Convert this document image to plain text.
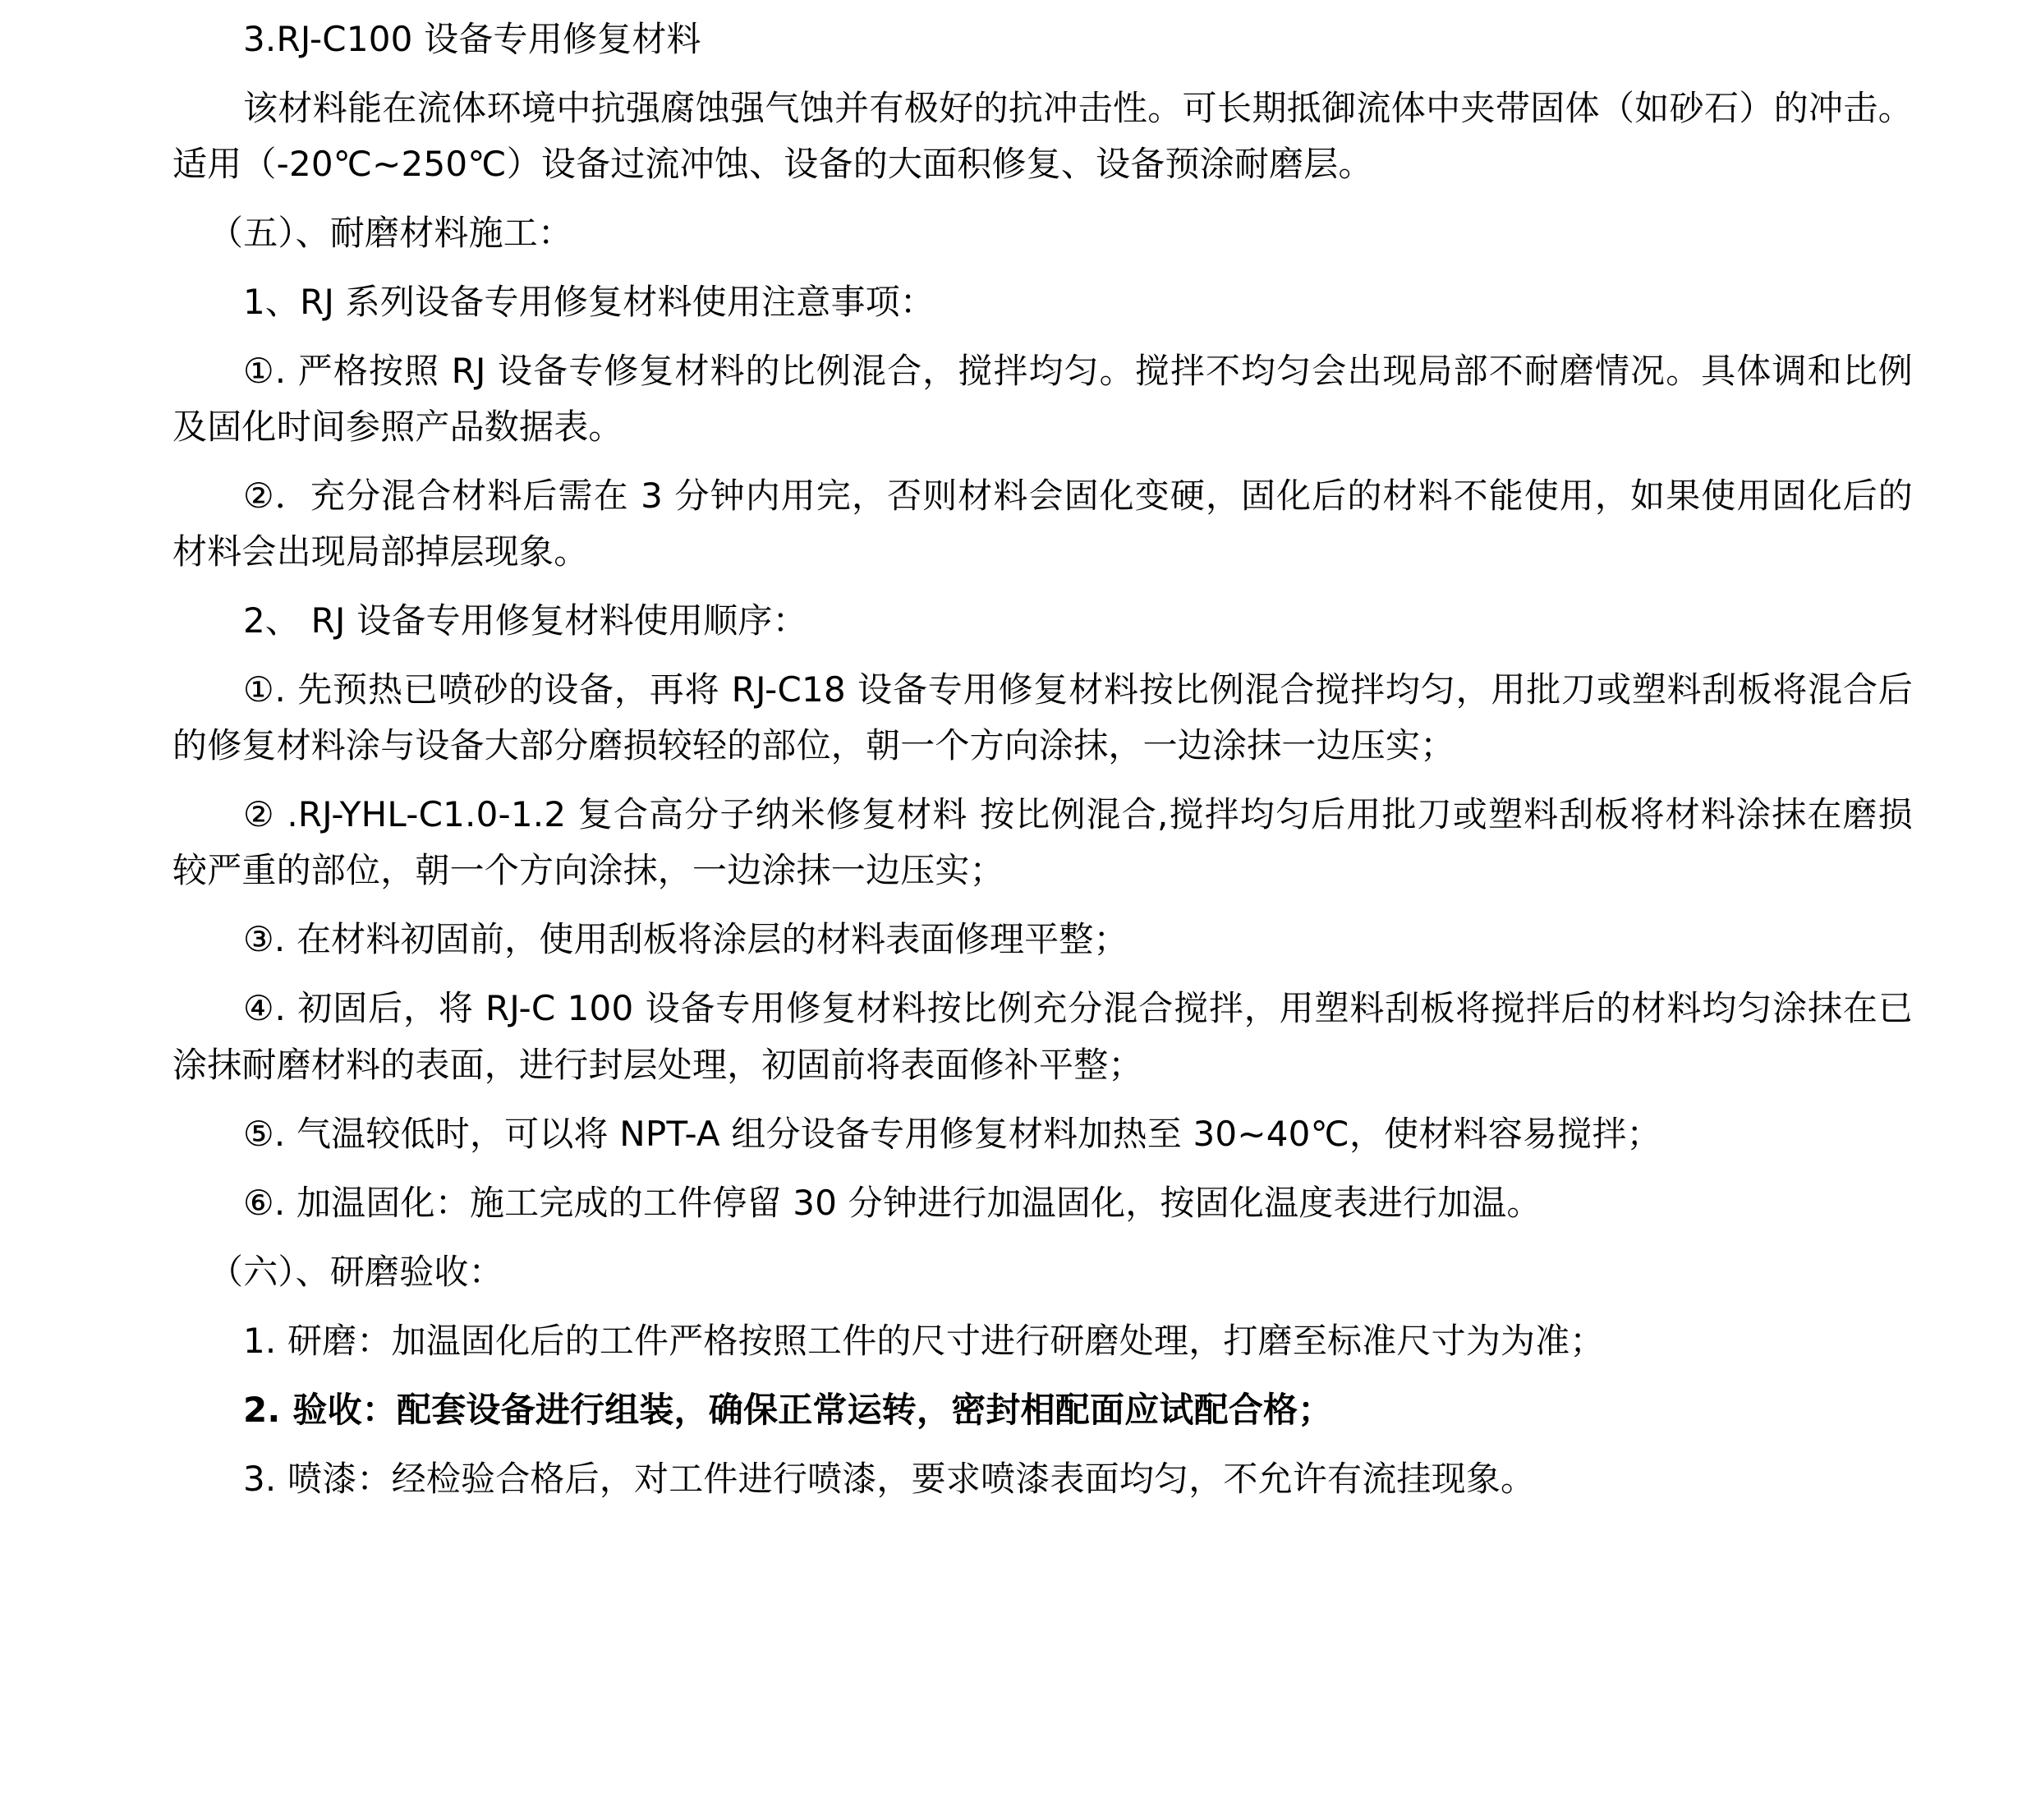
3.RJ-C100 设备专用修复材料

该材料能在流体环境中抗强腐蚀强气蚀并有极好的抗冲击性。可长期抵御流体中夹带固体（如砂石）的冲击。适用（-20℃~250℃）设备过流冲蚀、设备的大面积修复、设备预涂耐磨层。

（五）、耐磨材料施工：

1、RJ 系列设备专用修复材料使用注意事项：

①. 严格按照 RJ 设备专修复材料的比例混合，搅拌均匀。搅拌不均匀会出现局部不耐磨情况。具体调和比例及固化时间参照产品数据表。

②．充分混合材料后需在 3 分钟内用完，否则材料会固化变硬，固化后的材料不能使用，如果使用固化后的材料会出现局部掉层现象。

2、 RJ 设备专用修复材料使用顺序：

①. 先预热已喷砂的设备，再将 RJ-C18 设备专用修复材料按比例混合搅拌均匀，用批刀或塑料刮板将混合后的修复材料涂与设备大部分磨损较轻的部位，朝一个方向涂抹，一边涂抹一边压实；

② .RJ-YHL-C1.0-1.2 复合高分子纳米修复材料 按比例混合,搅拌均匀后用批刀或塑料刮板将材料涂抹在磨损较严重的部位，朝一个方向涂抹，一边涂抹一边压实；

③. 在材料初固前，使用刮板将涂层的材料表面修理平整；

④. 初固后，将 RJ-C 100 设备专用修复材料按比例充分混合搅拌，用塑料刮板将搅拌后的材料均匀涂抹在已涂抹耐磨材料的表面，进行封层处理，初固前将表面修补平整；

⑤. 气温较低时，可以将 NPT-A 组分设备专用修复材料加热至 30~40℃，使材料容易搅拌；

⑥. 加温固化：施工完成的工件停留 30 分钟进行加温固化，按固化温度表进行加温。

（六）、研磨验收：

1. 研磨：加温固化后的工件严格按照工件的尺寸进行研磨处理，打磨至标准尺寸为为准；

2. 验收：配套设备进行组装，确保正常运转，密封相配面应试配合格；

3. 喷漆：经检验合格后，对工件进行喷漆，要求喷漆表面均匀，不允许有流挂现象。
